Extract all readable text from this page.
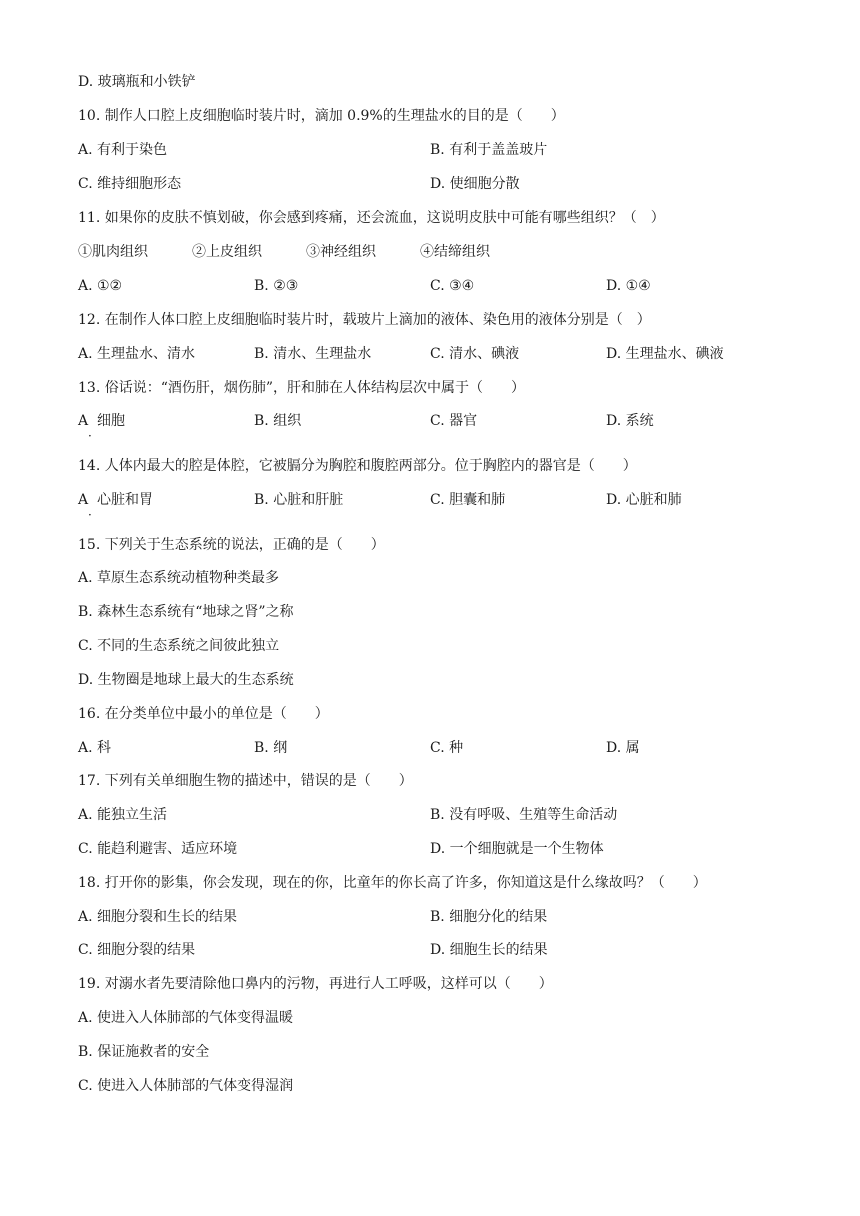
D. 玻璃瓶和小铁铲
10. 制作人口腔上皮细胞临时装片时，滴加 0.9%的生理盐水的目的是（　　）
A. 有利于染色	B. 有利于盖盖玻片
C. 维持细胞形态	D. 使细胞分散
11. 如果你的皮肤不慎划破，你会感到疼痛，还会流血，这说明皮肤中可能有哪些组织？（　）
①肌肉组织	②上皮组织	③神经组织	④结缔组织
A. ①②	B. ②③	C. ③④	D. ①④
12. 在制作人体口腔上皮细胞临时装片时，载玻片上滴加的液体、染色用的液体分别是（　）
A. 生理盐水、清水	B. 清水、生理盐水	C. 清水、碘液	D. 生理盐水、碘液
13. 俗话说：“酒伤肝，烟伤肺”，肝和肺在人体结构层次中属于（　　）
A  细胞
·
B. 组织	C. 器官	D. 系统
14. 人体内最大的腔是体腔，它被膈分为胸腔和腹腔两部分。位于胸腔内的器官是（　　）
A  心脏和胃
·
B. 心脏和肝脏	C. 胆囊和肺	D. 心脏和肺
15. 下列关于生态系统的说法，正确的是（　　）
A. 草原生态系统动植物种类最多
B. 森林生态系统有“地球之肾”之称
C. 不同的生态系统之间彼此独立
D. 生物圈是地球上最大的生态系统
16. 在分类单位中最小的单位是（　　）
A. 科	B. 纲	C. 种	D. 属
17. 下列有关单细胞生物的描述中，错误的是（　　）
A. 能独立生活	B. 没有呼吸、生殖等生命活动
C. 能趋利避害、适应环境	D. 一个细胞就是一个生物体
18. 打开你的影集，你会发现，现在的你，比童年的你长高了许多，你知道这是什么缘故吗？（　　）
A. 细胞分裂和生长的结果	B. 细胞分化的结果
C. 细胞分裂的结果	D. 细胞生长的结果
19. 对溺水者先要清除他口鼻内的污物，再进行人工呼吸，这样可以（　　）
A. 使进入人体肺部的气体变得温暖
B. 保证施救者的安全
C. 使进入人体肺部的气体变得湿润
